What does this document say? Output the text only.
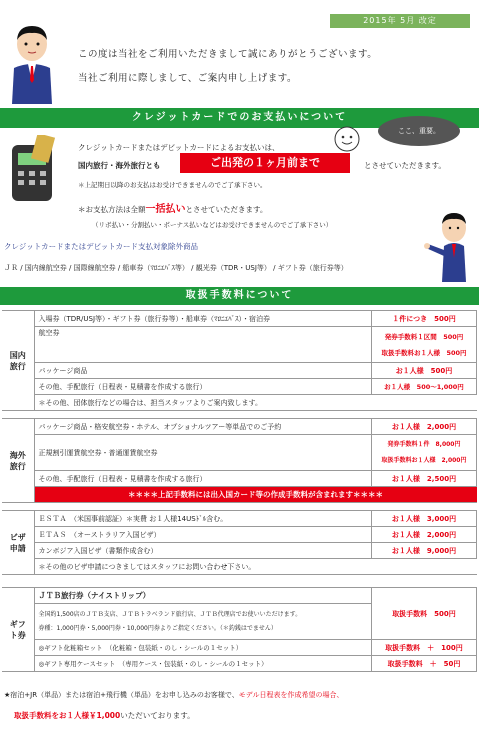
2015年 5月 改定
この度は当社をご利用いただきまして誠にありがとうございます。
当社ご利用に際しまして、ご案内申し上げます。
クレジットカードでのお支払いについて
ここ、重要。
クレジットカードまたはデビットカードによるお支払いは、
国内旅行・海外旅行とも	ご出発の１ヶ月前まで	とさせていただきます。
＊上記期日以降のお支払はお受けできませんのでご了承下さい。
＊お支払方法は全額一括払いとさせていただきます。
（リボ払い・分割払い・ボーナス払いなどはお受けできませんのでご了承下さい）
クレジットカードまたはデビットカード支払対象除外商品
ＪＲ / 国内線航空券 / 国際線航空券 / 船車券（ﾏﾛﾆｴﾊﾞｽ等） / 観光券（TDR・USJ等） / ギフト券（旅行券等）
取扱手数料について
国内旅行	入場券（TDR/USJ等）・ギフト券（旅行券等）・船車券（ﾏﾛﾆｴﾊﾞｽ）・宿泊券	１件につき　500円
	航空券	発券手数料１区間　500円
取扱手数料お１人様　500円

	パッケージ商品	お１人様　500円
	その他、手配旅行（日程表・見積書を作成する旅行）	お１人様　500～1,000円
	＊その他、団体旅行などの場合は、担当スタッフよりご案内致します。	
海外旅行	パッケージ商品・格安航空券・ホテル、オプショナルツアー等単品でのご予約	お１人様　2,000円
	正規割引運賃航空券・普通運賃航空券	発券手数料１件　8,000円
取扱手数料お１人様　2,000円

	その他、手配旅行（日程表・見積書を作成する旅行）	お１人様　2,500円
	＊＊＊＊上記手数料には出入国カード等の作成手数料が含まれます＊＊＊＊	
ビザ申請	ＥＳＴＡ　（米国事前認証）＊実費 お１人様14USﾄﾞﾙ含む。	お１人様　3,000円
	ＥＴＡＳ　（オーストラリア入国ビザ）	お１人様　2,000円
	カンボジア入国ビザ（書類作成含む）	お１人様　9,000円
	＊その他のビザ申請につきましてはスタッフにお問い合わせ下さい。	
ギフト券	ＪＴＢ旅行券（ナイストリップ）	取扱手数料　500円

	全国約1,500店のＪＴＢ支店、ＪＴＢトラベランド旅行店、ＪＴＢ代理店でお使いいただけます。
券種：1,000円券・5,000円券・10,000円券よりご指定ください。（＊釣銭はでません）	

	◎ギフト化粧箱セット　（化粧箱・包装紙・のし・シールの１セット）	取扱手数料　＋　100円
	◎ギフト専用ケースセット　（専用ケース・包装紙・のし・シールの１セット）	取扱手数料　＋　50円
★宿泊+JR（単品）または宿泊+飛行機（単品）をお申し込みのお客様で、モデル日程表を作成希望の場合、
取扱手数料をお１人様￥1,000いただいております。
